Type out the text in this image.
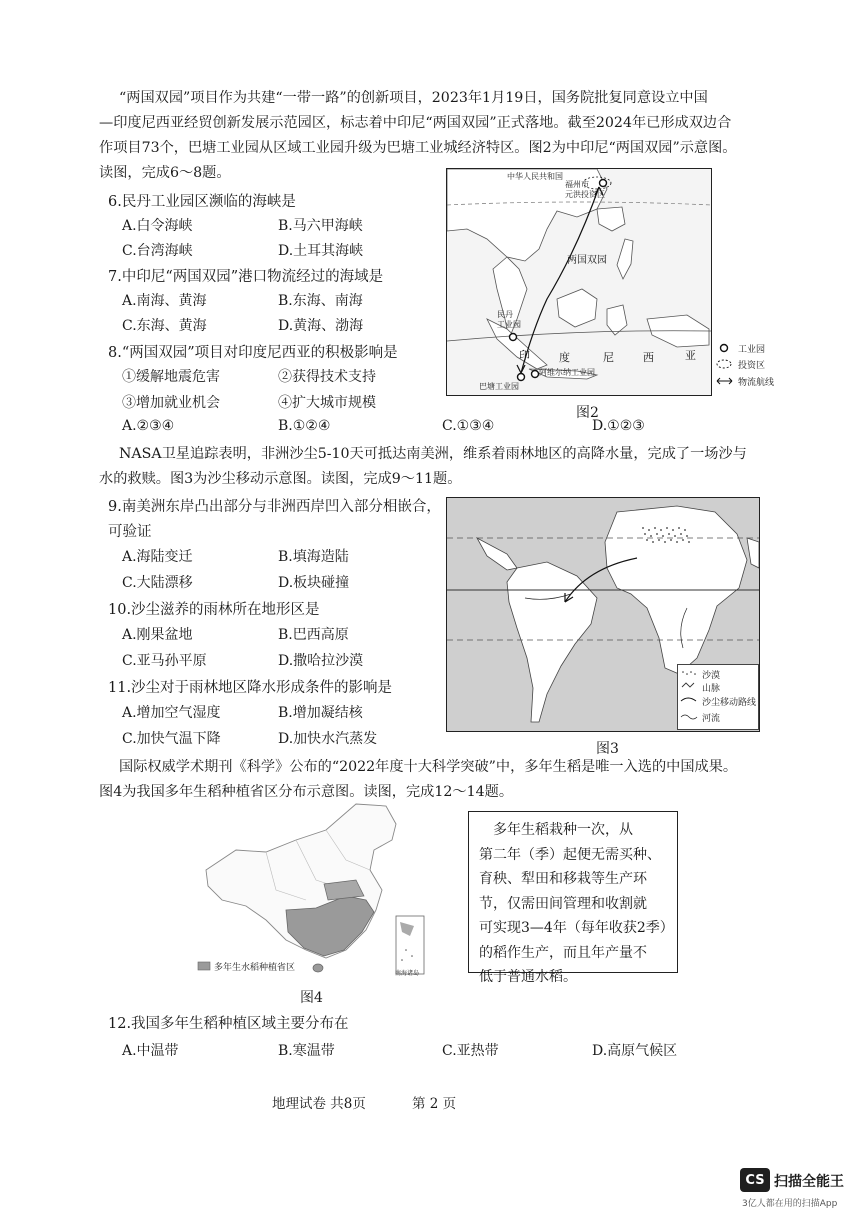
“两国双园”项目作为共建“一带一路”的创新项目，2023年1月19日，国务院批复同意设立中国
—印度尼西亚经贸创新发展示范园区，标志着中印尼“两国双园”正式落地。截至2024年已形成双边合
作项目73个，巴塘工业园从区域工业园升级为巴塘工业城经济特区。图2为中印尼“两国双园”示意图。
读图，完成6～8题。
6.民丹工业园区濒临的海峡是
A.白令海峡	B.马六甲海峡
C.台湾海峡	D.土耳其海峡
7.中印尼“两国双园”港口物流经过的海域是
A.南海、黄海	B.东海、南海
C.东海、黄海	D.黄海、渤海
8.“两国双园”项目对印度尼西亚的积极影响是
①缓解地震危害	②获得技术支持
③增加就业机会	④扩大城市规模
A.②③④	B.①②④	C.①③④	D.①②③
中华人民共和国
福州市
元洪投资区
两国双园
民丹
工业园
印	度	尼	西	亚
阿维尔纳工业园
巴塘工业园
工业园
投资区
物流航线
图2
NASA卫星追踪表明，非洲沙尘5-10天可抵达南美洲，维系着雨林地区的高降水量，完成了一场沙与
水的救赎。图3为沙尘移动示意图。读图，完成9～11题。
9.南美洲东岸凸出部分与非洲西岸凹入部分相嵌合，
可验证
A.海陆变迁	B.填海造陆
C.大陆漂移	D.板块碰撞
10.沙尘滋养的雨林所在地形区是
A.刚果盆地	B.巴西高原
C.亚马孙平原	D.撒哈拉沙漠
11.沙尘对于雨林地区降水形成条件的影响是
A.增加空气湿度	B.增加凝结核
C.加快气温下降	D.加快水汽蒸发
沙漠
山脉
沙尘移动路线
河流
图3
国际权威学术期刊《科学》公布的“2022年度十大科学突破”中，多年生稻是唯一入选的中国成果。
图4为我国多年生稻种植省区分布示意图。读图，完成12～14题。
多年生水稻种植省区
南海诸岛
图4
多年生稻栽种一次，从
第二年（季）起便无需买种、
育秧、犁田和移栽等生产环
节，仅需田间管理和收割就
可实现3—4年（每年收获2季）
的稻作生产，而且年产量不
低于普通水稻。
12.我国多年生稻种植区域主要分布在
A.中温带	B.寒温带	C.亚热带	D.高原气候区
地理试卷 共8页	第 2 页
CS 扫描全能王
3亿人都在用的扫描App
